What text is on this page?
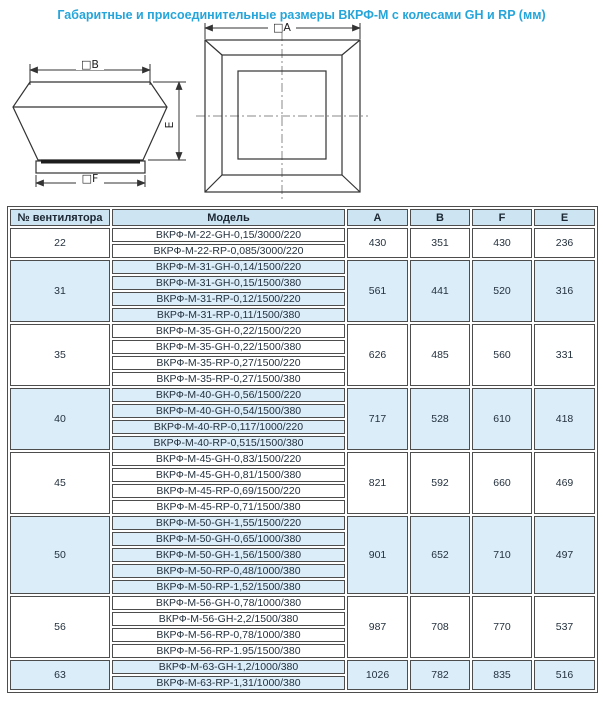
Габаритные и присоединительные размеры ВКРФ-М с колесами GH и RP (мм)
□B
□F
E
□A
№ вентилятора	Модель	A	B	F	E
22	ВКРФ-М-22-GH-0,15/3000/220	430	351	430	236
	ВКРФ-М-22-RP-0,085/3000/220				
31	ВКРФ-М-31-GH-0,14/1500/220	561	441	520	316
	ВКРФ-М-31-GH-0,15/1500/380				
	ВКРФ-М-31-RP-0,12/1500/220				
	ВКРФ-М-31-RP-0,11/1500/380				
35	ВКРФ-М-35-GH-0,22/1500/220	626	485	560	331
	ВКРФ-М-35-GH-0,22/1500/380				
	ВКРФ-М-35-RP-0,27/1500/220				
	ВКРФ-М-35-RP-0,27/1500/380				
40	ВКРФ-М-40-GH-0,56/1500/220	717	528	610	418
	ВКРФ-М-40-GH-0,54/1500/380				
	ВКРФ-М-40-RP-0,117/1000/220				
	ВКРФ-М-40-RP-0,515/1500/380				
45	ВКРФ-М-45-GH-0,83/1500/220	821	592	660	469
	ВКРФ-М-45-GH-0,81/1500/380				
	ВКРФ-М-45-RP-0,69/1500/220				
	ВКРФ-М-45-RP-0,71/1500/380				
50	ВКРФ-М-50-GH-1,55/1500/220	901	652	710	497
	ВКРФ-М-50-GH-0,65/1000/380				
	ВКРФ-М-50-GH-1,56/1500/380				
	ВКРФ-М-50-RP-0,48/1000/380				
	ВКРФ-М-50-RP-1,52/1500/380				
56	ВКРФ-М-56-GH-0,78/1000/380	987	708	770	537
	ВКРФ-М-56-GH-2,2/1500/380				
	ВКРФ-М-56-RP-0,78/1000/380				
	ВКРФ-М-56-RP-1.95/1500/380				
63	ВКРФ-М-63-GH-1,2/1000/380	1026	782	835	516
	ВКРФ-М-63-RP-1,31/1000/380				
